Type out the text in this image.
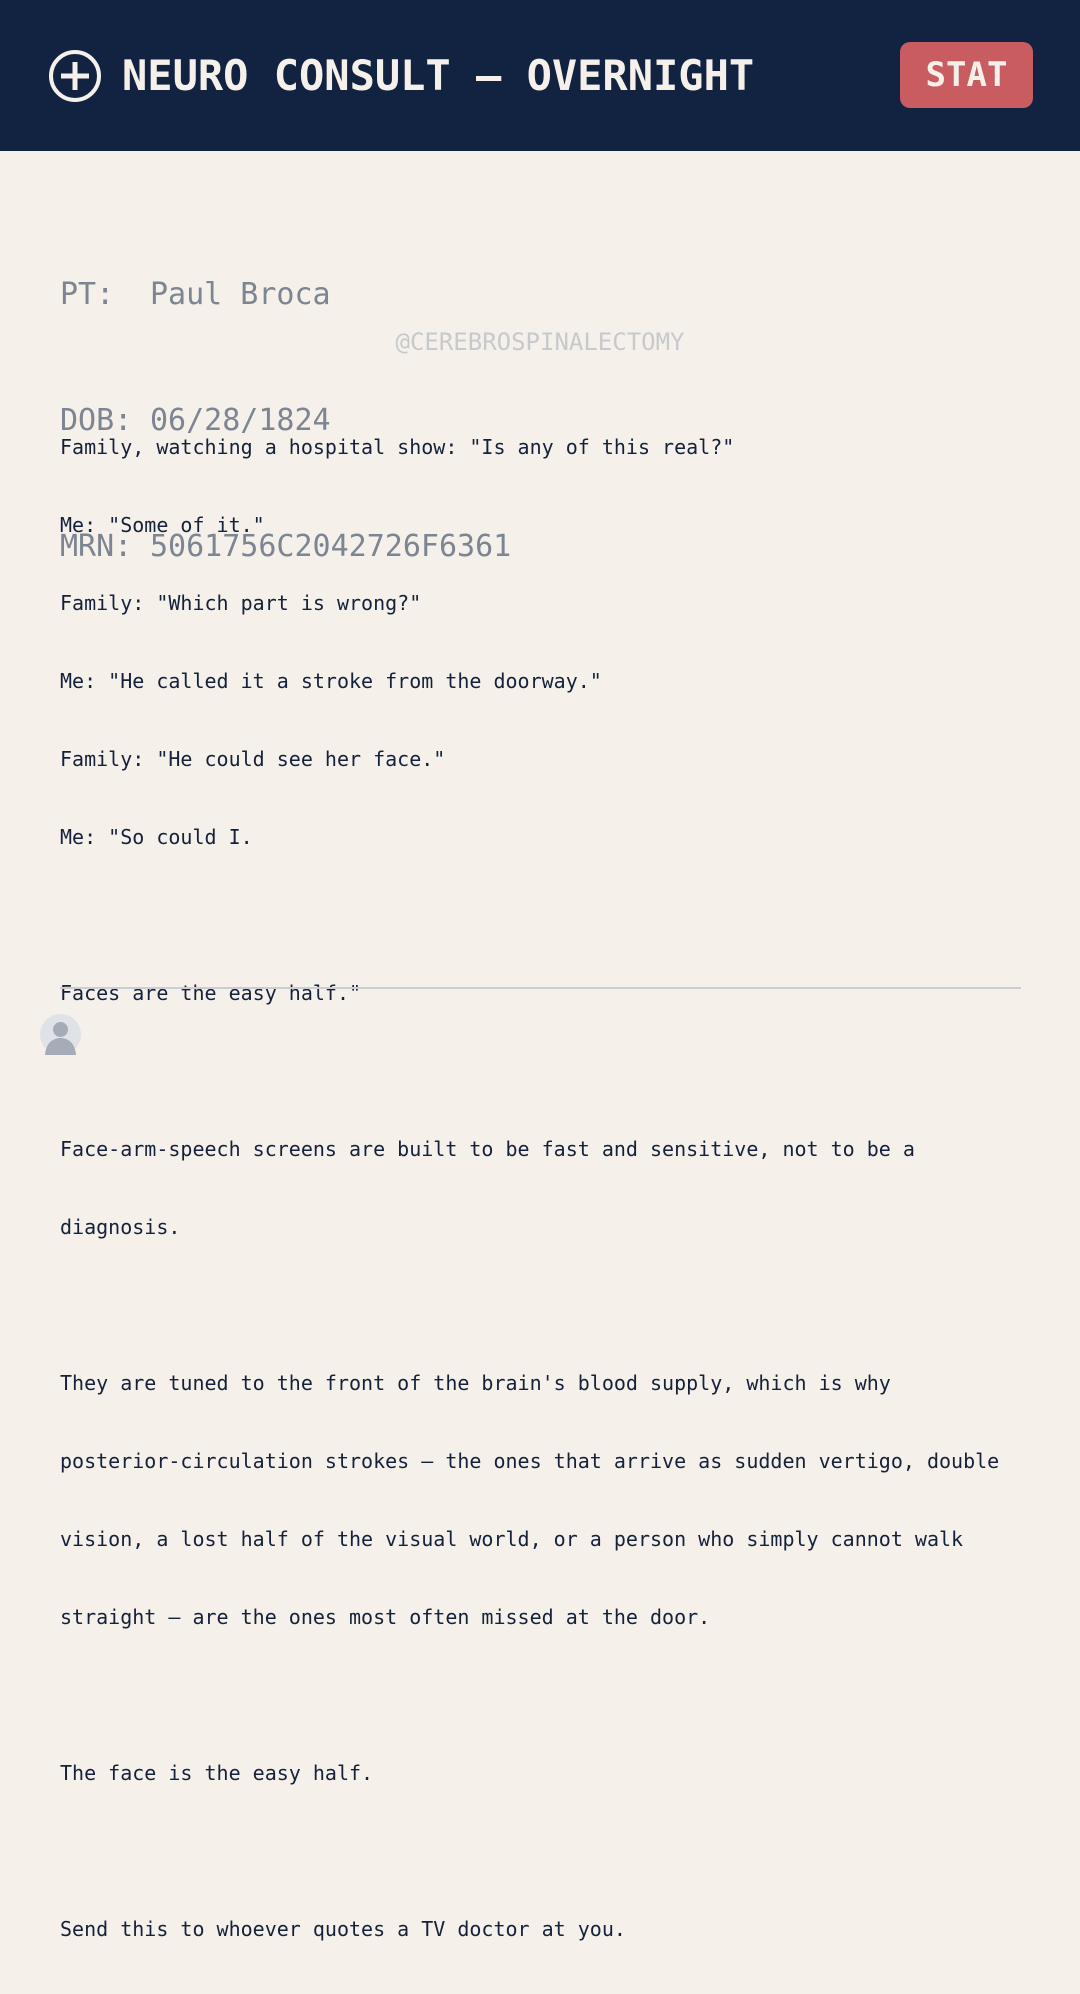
NEURO CONSULT — OVERNIGHT	STAT

PT: Paul Broca

DOB: 06/28/1824

MRN: 5061756C2042726F6361

@CEREBROSPINALECTOMY

Family, watching a hospital show: "Is any of this real?"

Me: "Some of it."

Family: "Which part is wrong?"

Me: "He called it a stroke from the doorway."

Family: "He could see her face."

Me: "So could I.

Faces are the easy half."

Face-arm-speech screens are built to be fast and sensitive, not to be a

diagnosis.

They are tuned to the front of the brain's blood supply, which is why

posterior-circulation strokes — the ones that arrive as sudden vertigo, double

vision, a lost half of the visual world, or a person who simply cannot walk

straight — are the ones most often missed at the door.

The face is the easy half.

Send this to whoever quotes a TV doctor at you.
